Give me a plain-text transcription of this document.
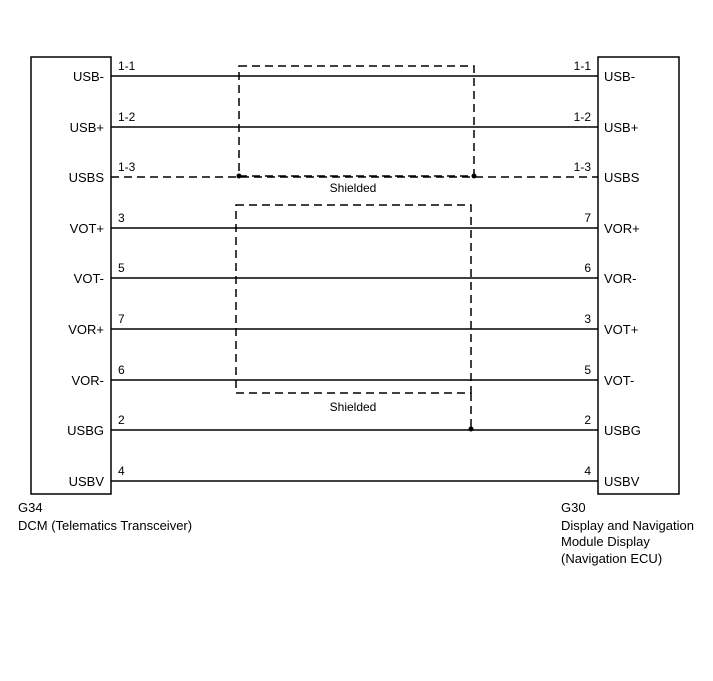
Shielded
Shielded
USB-
1-1
USB-
1-1
USB+
1-2
USB+
1-2
USBS
1-3
USBS
1-3
VOT+
3
VOR+
7
VOT-
5
VOR-
6
VOR+
7
VOT+
3
VOR-
6
VOT-
5
USBG
2
USBG
2
USBV
4
USBV
4
G34
DCM (Telematics Transceiver)
G30
Display and Navigation
Module Display
(Navigation ECU)
